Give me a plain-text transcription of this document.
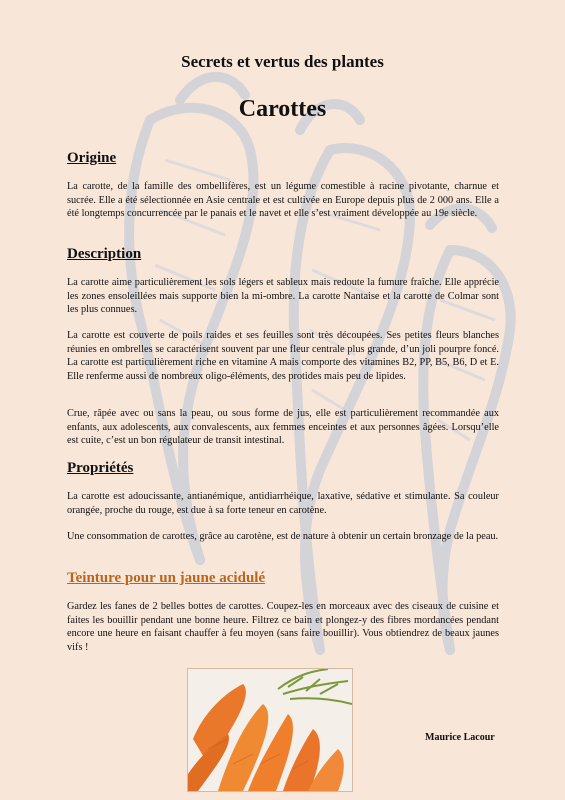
Secrets et vertus des plantes
Carottes
Origine

La carotte, de la famille des ombellifères, est un légume comestible à racine pivotante, charnue et sucrée. Elle a été sélectionnée en Asie centrale et est cultivée en Europe depuis plus de 2 000 ans. Elle a été longtemps concurrencée par le panais et le navet et elle s’est vraiment développée au 19e siècle.

Description

La carotte aime particulièrement les sols légers et sableux mais redoute la fumure fraîche. Elle apprécie les zones ensoleillées mais supporte bien la mi-ombre. La carotte Nantaise et la carotte de Colmar sont les plus connues.

La carotte est couverte de poils raides et ses feuilles sont très découpées. Ses petites fleurs blanches réunies en ombrelles se caractérisent souvent par une fleur centrale plus grande, d’un joli pourpre foncé. La carotte est particulièrement riche en vitamine A mais comporte des vitamines B2, PP, B5, B6, D et E. Elle renferme aussi de nombreux oligo-éléments, des protides mais peu de lipides.

Crue, râpée avec ou sans la peau, ou sous forme de jus, elle est particulièrement recommandée aux enfants, aux adolescents, aux convalescents, aux femmes enceintes et aux personnes âgées. Lorsqu’elle est cuite, c’est un bon régulateur de transit intestinal.

Propriétés

La carotte est adoucissante, antianémique, antidiarrhéique, laxative, sédative et stimulante. Sa couleur orangée, proche du rouge, est due à sa forte teneur en carotène.

Une consommation de carottes, grâce au carotène, est de nature à obtenir un certain bronzage de la peau.

Teinture pour un jaune acidulé

Gardez les fanes de 2 belles bottes de carottes. Coupez-les en morceaux avec des ciseaux de cuisine et faites les bouillir pendant une bonne heure. Filtrez ce bain et plongez-y des fibres mordancées pendant encore une heure en faisant chauffer à feu moyen (sans faire bouillir). Vous obtiendrez de beaux jaunes vifs !

Maurice Lacour
